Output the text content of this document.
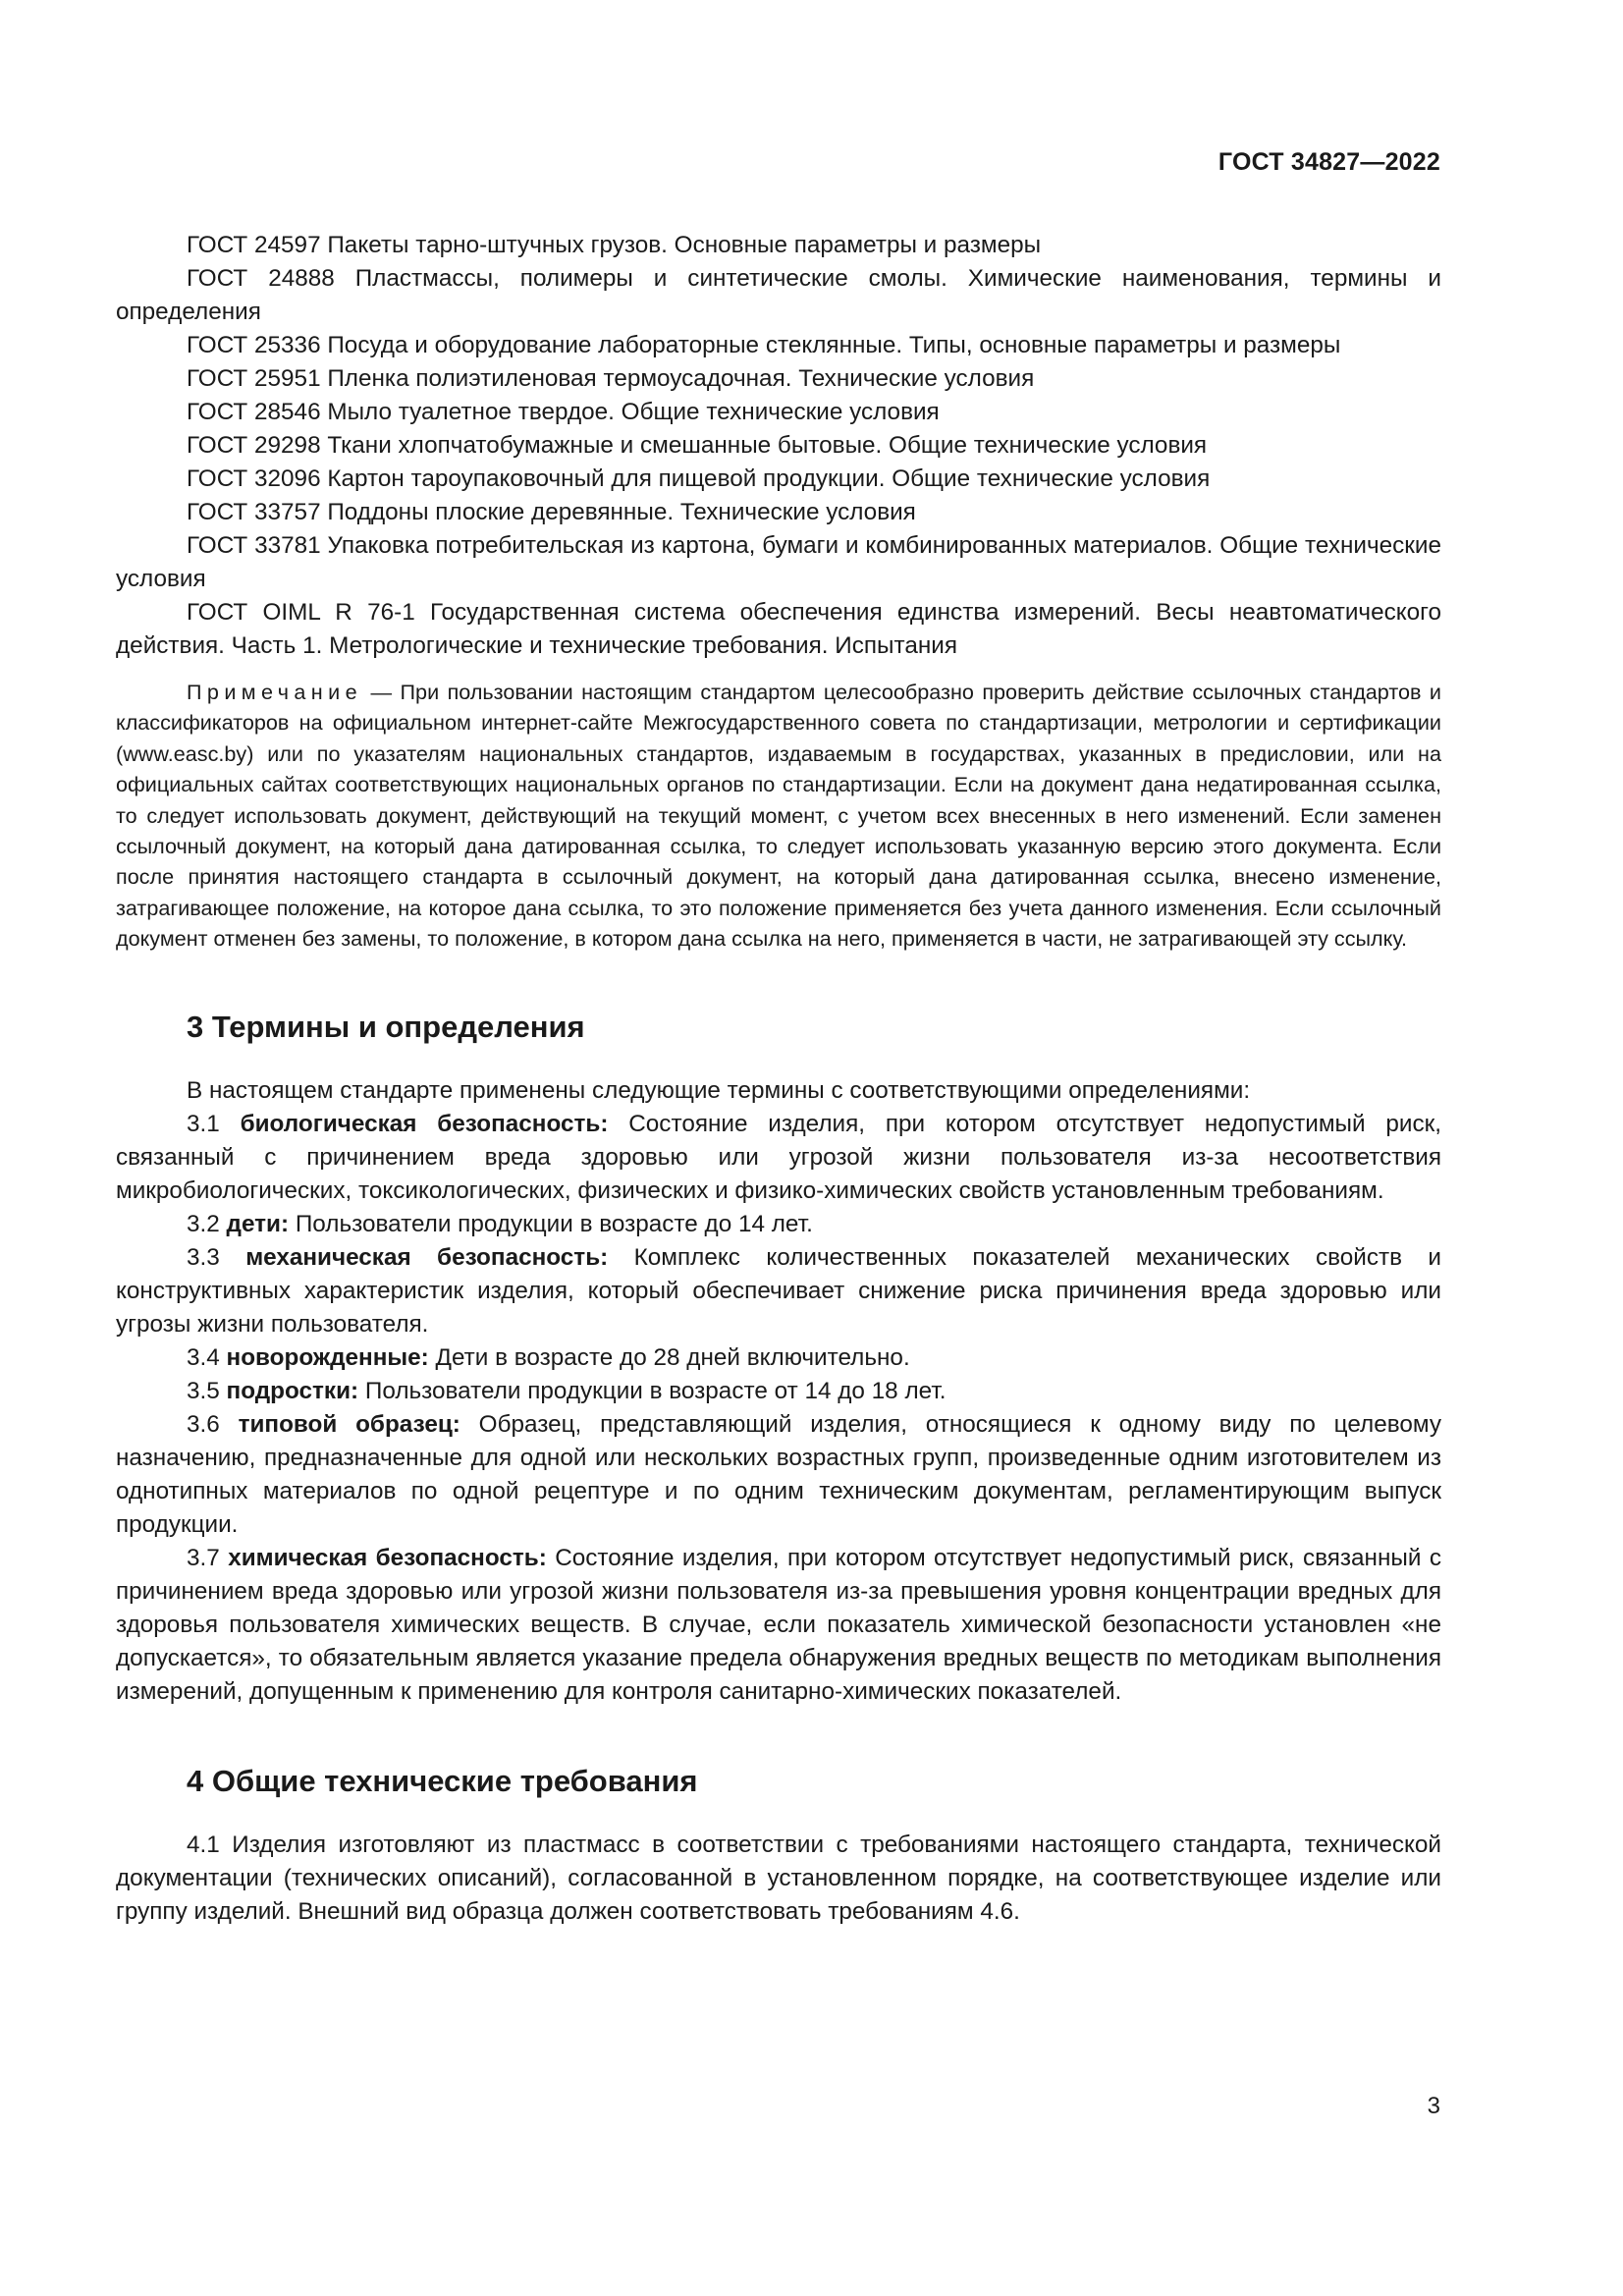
ГОСТ 34827—2022

ГОСТ 24597 Пакеты тарно-штучных грузов. Основные параметры и размеры

ГОСТ 24888 Пластмассы, полимеры и синтетические смолы. Химические наименования, термины и определения

ГОСТ 25336 Посуда и оборудование лабораторные стеклянные. Типы, основные параметры и размеры

ГОСТ 25951 Пленка полиэтиленовая термоусадочная. Технические условия

ГОСТ 28546 Мыло туалетное твердое. Общие технические условия

ГОСТ 29298 Ткани хлопчатобумажные и смешанные бытовые. Общие технические условия

ГОСТ 32096 Картон тароупаковочный для пищевой продукции. Общие технические условия

ГОСТ 33757 Поддоны плоские деревянные. Технические условия

ГОСТ 33781 Упаковка потребительская из картона, бумаги и комбинированных материалов. Общие технические условия

ГОСТ OIML R 76-1 Государственная система обеспечения единства измерений. Весы неавтоматического действия. Часть 1. Метрологические и технические требования. Испытания

Примечание — При пользовании настоящим стандартом целесообразно проверить действие ссылочных стандартов и классификаторов на официальном интернет-сайте Межгосударственного совета по стандартизации, метрологии и сертификации (www.easc.by) или по указателям национальных стандартов, издаваемым в государствах, указанных в предисловии, или на официальных сайтах соответствующих национальных органов по стандартизации. Если на документ дана недатированная ссылка, то следует использовать документ, действующий на текущий момент, с учетом всех внесенных в него изменений. Если заменен ссылочный документ, на который дана датированная ссылка, то следует использовать указанную версию этого документа. Если после принятия настоящего стандарта в ссылочный документ, на который дана датированная ссылка, внесено изменение, затрагивающее положение, на которое дана ссылка, то это положение применяется без учета данного изменения. Если ссылочный документ отменен без замены, то положение, в котором дана ссылка на него, применяется в части, не затрагивающей эту ссылку.

3 Термины и определения

В настоящем стандарте применены следующие термины с соответствующими определениями:

3.1 биологическая безопасность: Состояние изделия, при котором отсутствует недопустимый риск, связанный с причинением вреда здоровью или угрозой жизни пользователя из-за несоответствия микробиологических, токсикологических, физических и физико-химических свойств установленным требованиям.

3.2 дети: Пользователи продукции в возрасте до 14 лет.

3.3 механическая безопасность: Комплекс количественных показателей механических свойств и конструктивных характеристик изделия, который обеспечивает снижение риска причинения вреда здоровью или угрозы жизни пользователя.

3.4 новорожденные: Дети в возрасте до 28 дней включительно.

3.5 подростки: Пользователи продукции в возрасте от 14 до 18 лет.

3.6 типовой образец: Образец, представляющий изделия, относящиеся к одному виду по целевому назначению, предназначенные для одной или нескольких возрастных групп, произведенные одним изготовителем из однотипных материалов по одной рецептуре и по одним техническим документам, регламентирующим выпуск продукции.

3.7 химическая безопасность: Состояние изделия, при котором отсутствует недопустимый риск, связанный с причинением вреда здоровью или угрозой жизни пользователя из-за превышения уровня концентрации вредных для здоровья пользователя химических веществ. В случае, если показатель химической безопасности установлен «не допускается», то обязательным является указание предела обнаружения вредных веществ по методикам выполнения измерений, допущенным к применению для контроля санитарно-химических показателей.

4 Общие технические требования

4.1 Изделия изготовляют из пластмасс в соответствии с требованиями настоящего стандарта, технической документации (технических описаний), согласованной в установленном порядке, на соответствующее изделие или группу изделий. Внешний вид образца должен соответствовать требованиям 4.6.

3
